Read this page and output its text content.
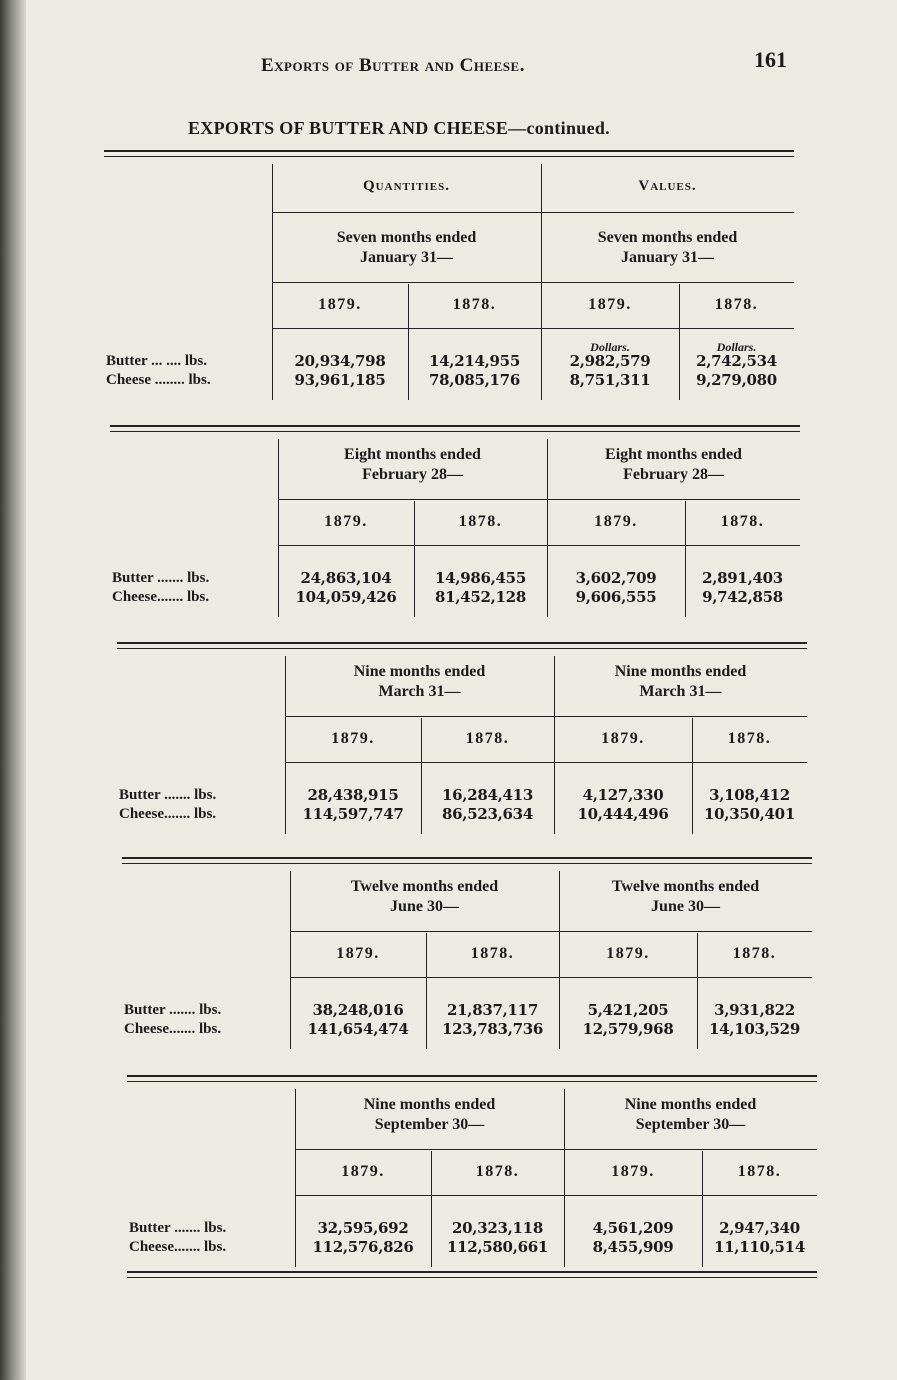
Exports of Butter and Cheese.	161
EXPORTS OF BUTTER AND CHEESE—continued.
Quantities.	Values.
Seven months ended
January 31—
Seven months ended
January 31—
1879.	1878.	1879.	1878.
Butter ... .... lbs.	20,934,798	14,214,955	2,982,579	2,742,534
Cheese ........ lbs.	93,961,185	78,085,176	8,751,311	9,279,080
Dollars.	Dollars.
Eight months ended
February 28—
Eight months ended
February 28—
1879.	1878.	1879.	1878.
Butter ....... lbs.	24,863,104	14,986,455	3,602,709	2,891,403
Cheese....... lbs.	104,059,426	81,452,128	9,606,555	9,742,858
Nine months ended
March 31—
Nine months ended
March 31—
1879.	1878.	1879.	1878.
Butter ....... lbs.	28,438,915	16,284,413	4,127,330	3,108,412
Cheese....... lbs.	114,597,747	86,523,634	10,444,496	10,350,401
Twelve months ended
June 30—
Twelve months ended
June 30—
1879.	1878.	1879.	1878.
Butter ....... lbs.	38,248,016	21,837,117	5,421,205	3,931,822
Cheese....... lbs.	141,654,474	123,783,736	12,579,968	14,103,529
Nine months ended
September 30—
Nine months ended
September 30—
1879.	1878.	1879.	1878.
Butter ....... lbs.	32,595,692	20,323,118	4,561,209	2,947,340
Cheese....... lbs.	112,576,826	112,580,661	8,455,909	11,110,514
